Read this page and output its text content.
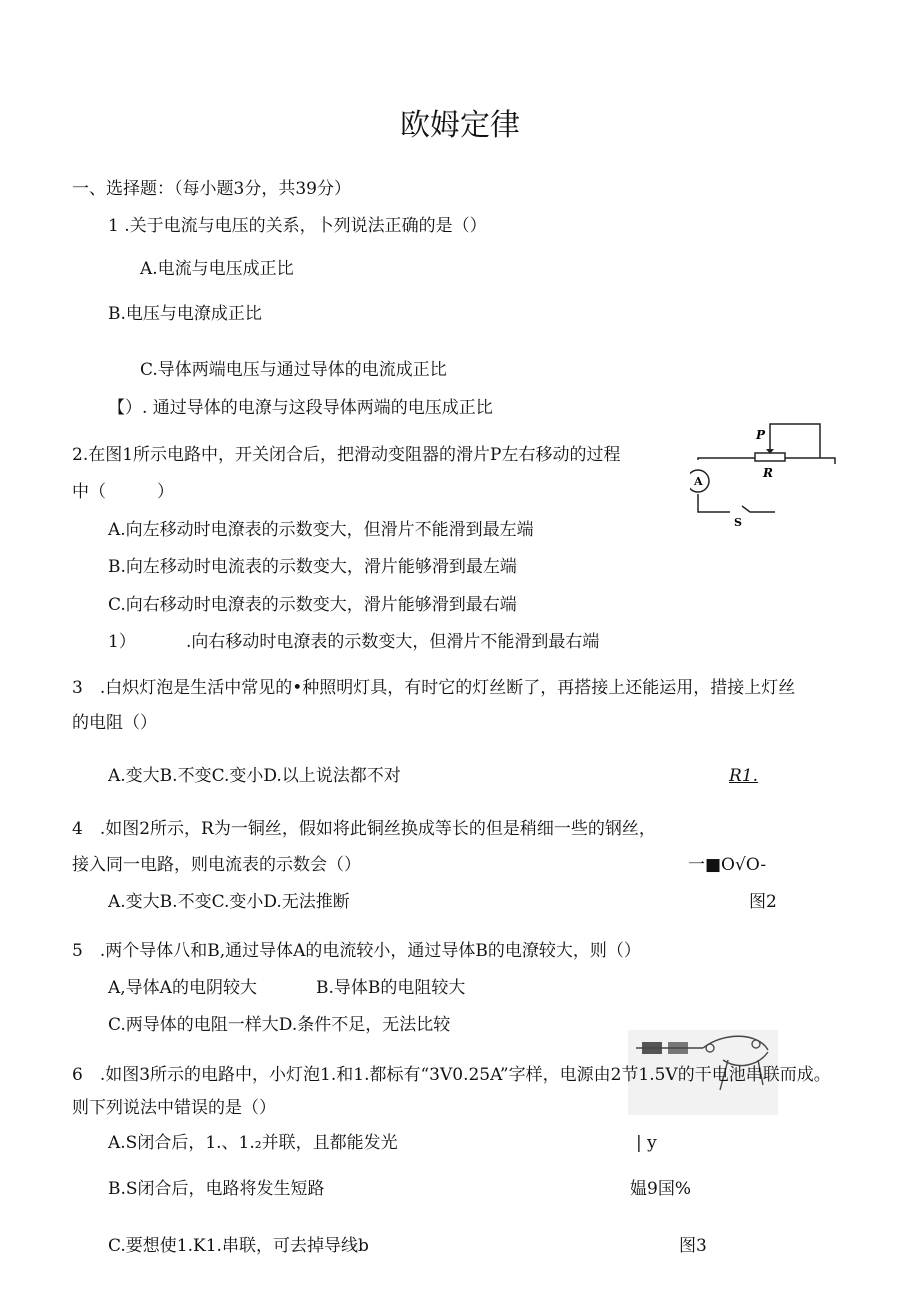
欧姆定律
一、选择题：（每小题3分，共39分）
1 .关于电流与电压的关系，卜列说法正确的是（）
A.电流与电压成正比
B.电压与电潦成正比
C.导体两端电压与通过导体的电流成正比
【）. 通过导体的电潦与这段导体两端的电压成正比
2.在图1所示电路中，开关闭合后，把滑动变阻器的滑片P左右移动的过程
中（　　　）
A.向左移动时电潦表的示数变大，但滑片不能滑到最左端
B.向左移动时电流表的示数变大，滑片能够滑到最左端
C.向右移动时电潦表的示数变大，滑片能够滑到最右端
1）	.向右移动时电潦表的示数变大，但滑片不能滑到最右端
P
R
A
S
3　.白炽灯泡是生活中常见的•种照明灯具，有时它的灯丝断了，再搭接上还能运用，措接上灯丝
的电阻（）
A.变大B.不变C.变小D.以上说法都不对	R1.
4　.如图2所示，R为一铜丝，假如将此铜丝换成等长的但是稍细一些的钢丝，
接入同一电路，则电流表的示数会（）	一■O√O-
A.变大B.不变C.变小D.无法推断	图2
5　.两个导体八和B,通过导体A的电流较小，通过导体B的电潦较大，则（）
A,导体A的电阴较大	B.导体B的电阻较大
C.两导体的电阻一样大D.条件不足，无法比较
6　.如图3所示的电路中，小灯泡1.和1.都标有“3V0.25A”字样，电源由2节1.5V的干电池串联而成。
则下列说法中错误的是（）
A.S闭合后，1.、1.₂并联，且都能发光	| y
B.S闭合后，电路将发生短路	媪9国%
C.要想使1.K1.串联，可去掉导线b	图3
